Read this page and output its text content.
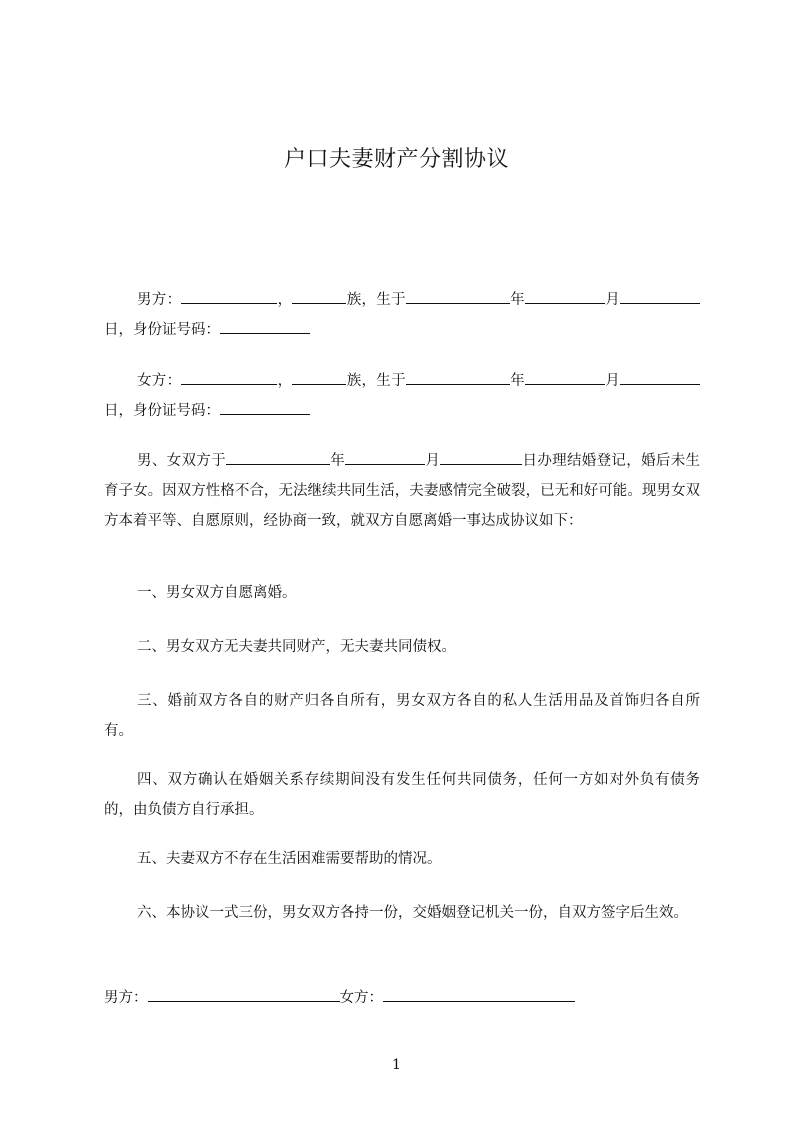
户口夫妻财产分割协议
男方：	，	族，生于	年	月日，身份证号码：
女方：	，	族，生于	年	月日，身份证号码：
男、女双方于	年	月	日办理结婚登记，婚后未生育子女。因双方性格不合，无法继续共同生活，夫妻感情完全破裂，已无和好可能。现男女双方本着平等、自愿原则，经协商一致，就双方自愿离婚一事达成协议如下：
一、男女双方自愿离婚。
二、男女双方无夫妻共同财产，无夫妻共同债权。
三、婚前双方各自的财产归各自所有，男女双方各自的私人生活用品及首饰归各自所有。
四、双方确认在婚姻关系存续期间没有发生任何共同债务，任何一方如对外负有债务的，由负债方自行承担。
五、夫妻双方不存在生活困难需要帮助的情况。
六、本协议一式三份，男女双方各持一份，交婚姻登记机关一份，自双方签字后生效。
男方：	女方：
1
